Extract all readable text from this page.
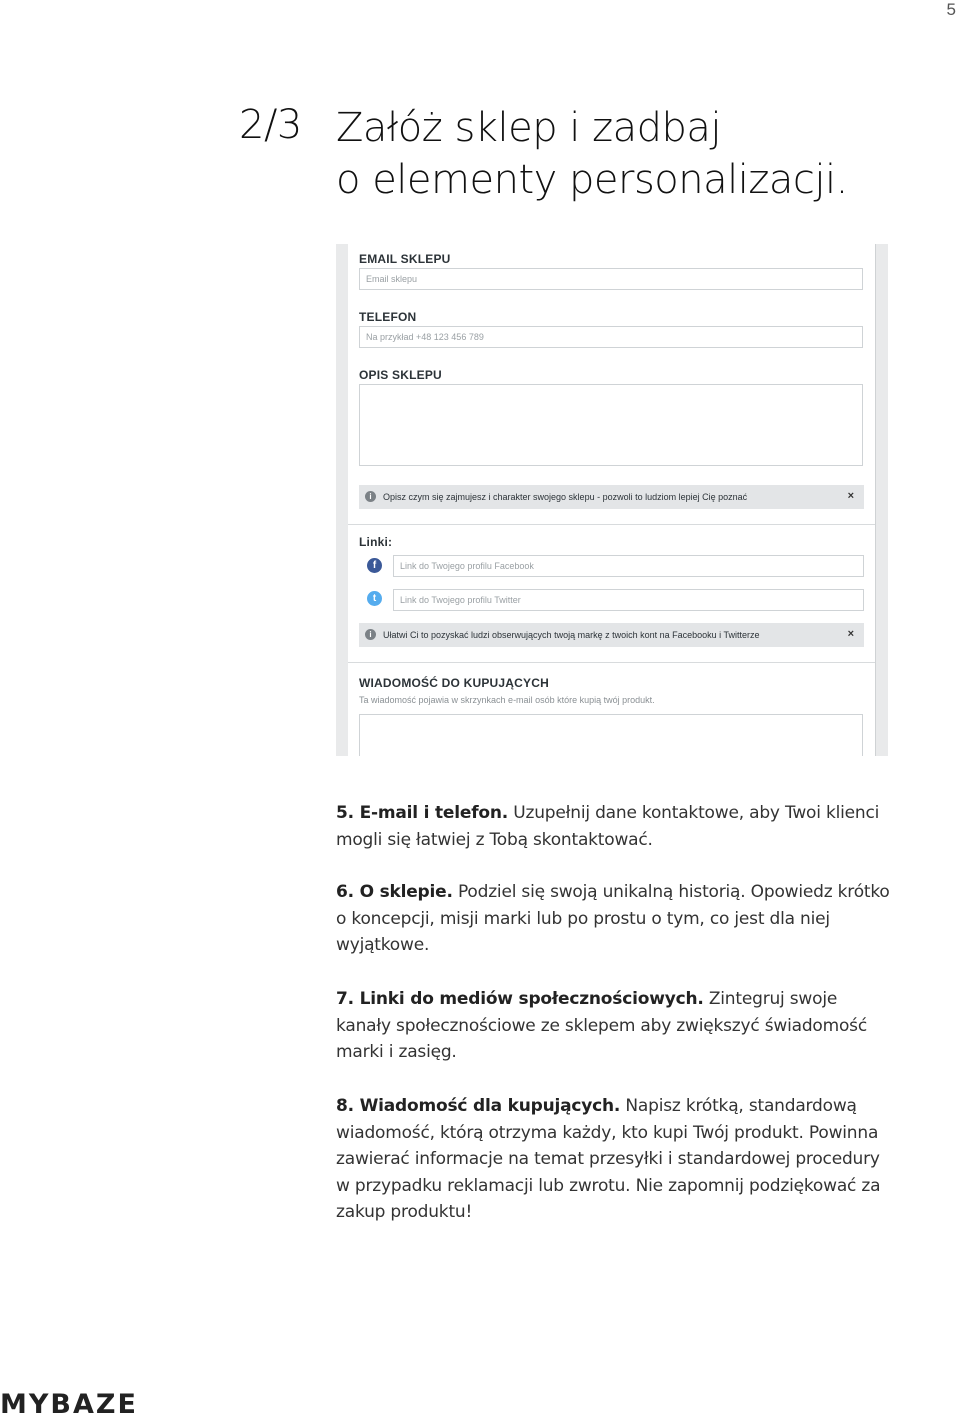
5
2/3 Załóż sklep i zadbaj
o elementy personalizacji.
EMAIL SKLEPU
Email sklepu
TELEFON
Na przykład +48 123 456 789
OPIS SKLEPU
i	Opisz czym się zajmujesz i charakter swojego sklepu - pozwoli to ludziom lepiej Cię poznać	×
Linki:
f	Link do Twojego profilu Facebook
t	Link do Twojego profilu Twitter
i	Ułatwi Ci to pozyskać ludzi obserwujących twoją markę z twoich kont na Facebooku i Twitterze	×
WIADOMOŚĆ DO KUPUJĄCYCH
Ta wiadomość pojawia w skrzynkach e-mail osób które kupią twój produkt.

5. E-mail i telefon. Uzupełnij dane kontaktowe, aby Twoi klienci mogli się łatwiej z Tobą skontaktować.

6. O sklepie. Podziel się swoją unikalną historią. Opowiedz krótko o koncepcji, misji marki lub po prostu o tym, co jest dla niej wyjątkowe.

7. Linki do mediów społecznościowych. Zintegruj swoje kanały społecznościowe ze sklepem aby zwiększyć świadomość marki i zasięg.

8. Wiadomość dla kupujących. Napisz krótką, standardową wiadomość, którą otrzyma każdy, kto kupi Twój produkt. Powinna zawierać informacje na temat przesyłki i standardowej procedury w przypadku reklamacji lub zwrotu. Nie zapomnij podziękować za zakup produktu!

MYBAZE
